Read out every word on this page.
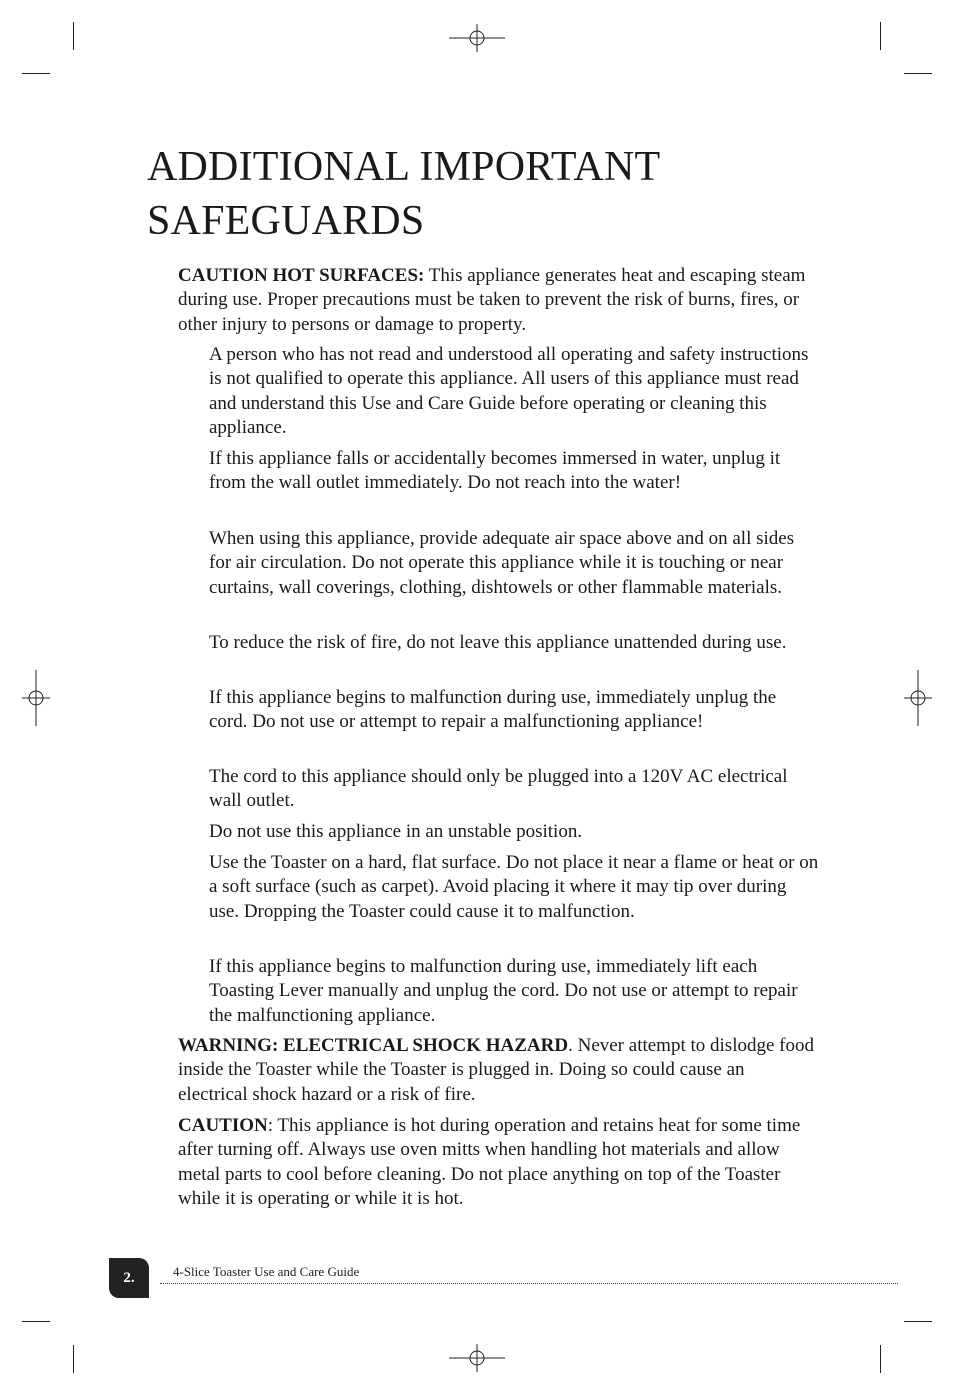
ADDITIONAL IMPORTANT
SAFEGUARDS

CAUTION HOT SURFACES: This appliance generates heat and escaping steam during use. Proper precautions must be taken to prevent the risk of burns, fires, or other injury to persons or damage to property.

A person who has not read and understood all operating and safety instructions is not qualified to operate this appliance. All users of this appliance must read and understand this Use and Care Guide before operating or cleaning this appliance.

If this appliance falls or accidentally becomes immersed in water, unplug it from the wall outlet immediately. Do not reach into the water!

When using this appliance, provide adequate air space above and on all sides for air circulation. Do not operate this appliance while it is touching or near curtains, wall coverings, clothing, dishtowels or other flammable materials.

To reduce the risk of fire, do not leave this appliance unattended during use.

If this appliance begins to malfunction during use, immediately unplug the cord. Do not use or attempt to repair a malfunctioning appliance!

The cord to this appliance should only be plugged into a 120V AC electrical wall outlet.

Do not use this appliance in an unstable position.

Use the Toaster on a hard, flat surface. Do not place it near a flame or heat or on a soft surface (such as carpet). Avoid placing it where it may tip over during use. Dropping the Toaster could cause it to malfunction.

If this appliance begins to malfunction during use, immediately lift each Toasting Lever manually and unplug the cord. Do not use or attempt to repair the malfunctioning appliance.

WARNING: ELECTRICAL SHOCK HAZARD. Never attempt to dislodge food inside the Toaster while the Toaster is plugged in. Doing so could cause an electrical shock hazard or a risk of fire.

CAUTION: This appliance is hot during operation and retains heat for some time after turning off. Always use oven mitts when handling hot materials and allow metal parts to cool before cleaning. Do not place anything on top of the Toaster while it is operating or while it is hot.

2.	4-Slice Toaster Use and Care Guide
